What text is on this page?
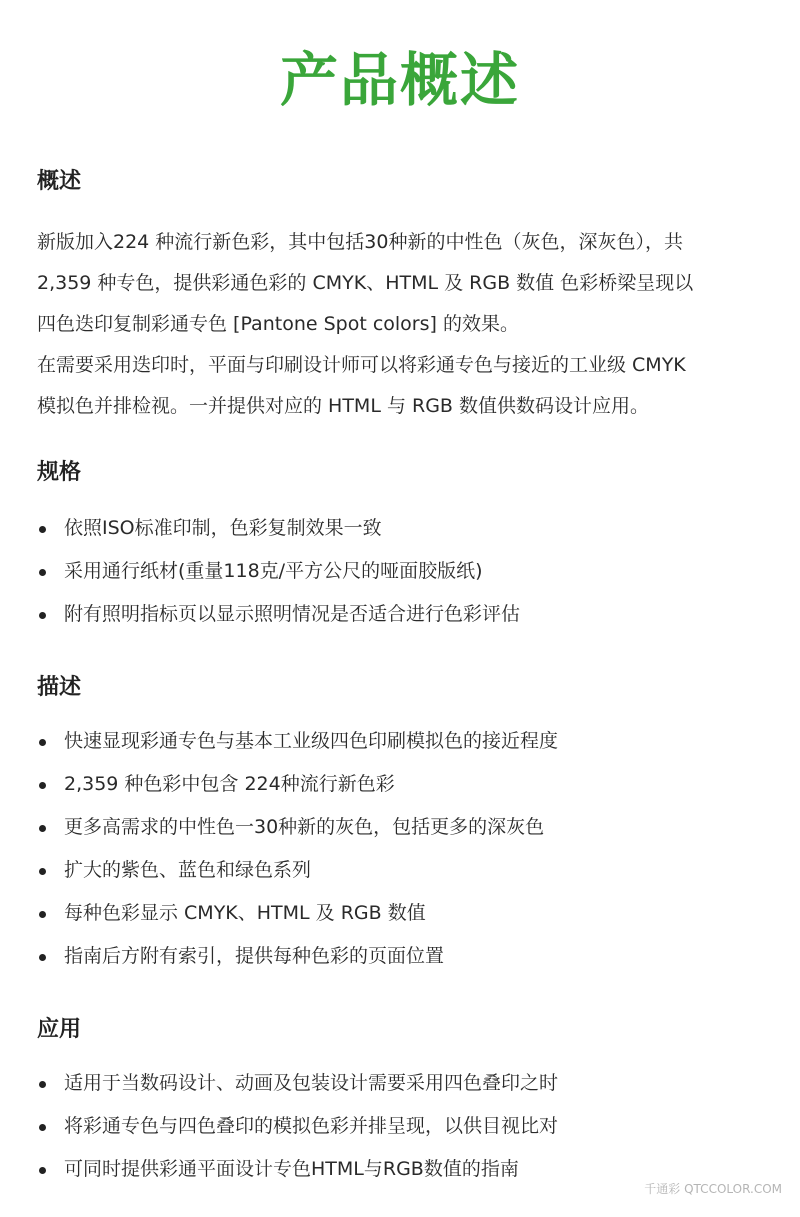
产品概述
概述
新版加入224 种流行新色彩，其中包括30种新的中性色（灰色，深灰色），共
2,359 种专色，提供彩通色彩的 CMYK、HTML 及 RGB 数值 色彩桥梁呈现以
四色迭印复制彩通专色 [Pantone Spot colors] 的效果。
在需要采用迭印时，平面与印刷设计师可以将彩通专色与接近的工业级 CMYK
模拟色并排检视。一并提供对应的 HTML 与 RGB 数值供数码设计应用。
规格
依照ISO标准印制，色彩复制效果一致
采用通行纸材(重量118克/平方公尺的哑面胶版纸)
附有照明指标页以显示照明情况是否适合进行色彩评估
描述
快速显现彩通专色与基本工业级四色印刷模拟色的接近程度
2,359 种色彩中包含 224种流行新色彩
更多高需求的中性色一30种新的灰色，包括更多的深灰色
扩大的紫色、蓝色和绿色系列
每种色彩显示 CMYK、HTML 及 RGB 数值
指南后方附有索引，提供每种色彩的页面位置
应用
适用于当数码设计、动画及包装设计需要采用四色叠印之时
将彩通专色与四色叠印的模拟色彩并排呈现，以供目视比对
可同时提供彩通平面设计专色HTML与RGB数值的指南
千通彩 QTCCOLOR.COM
